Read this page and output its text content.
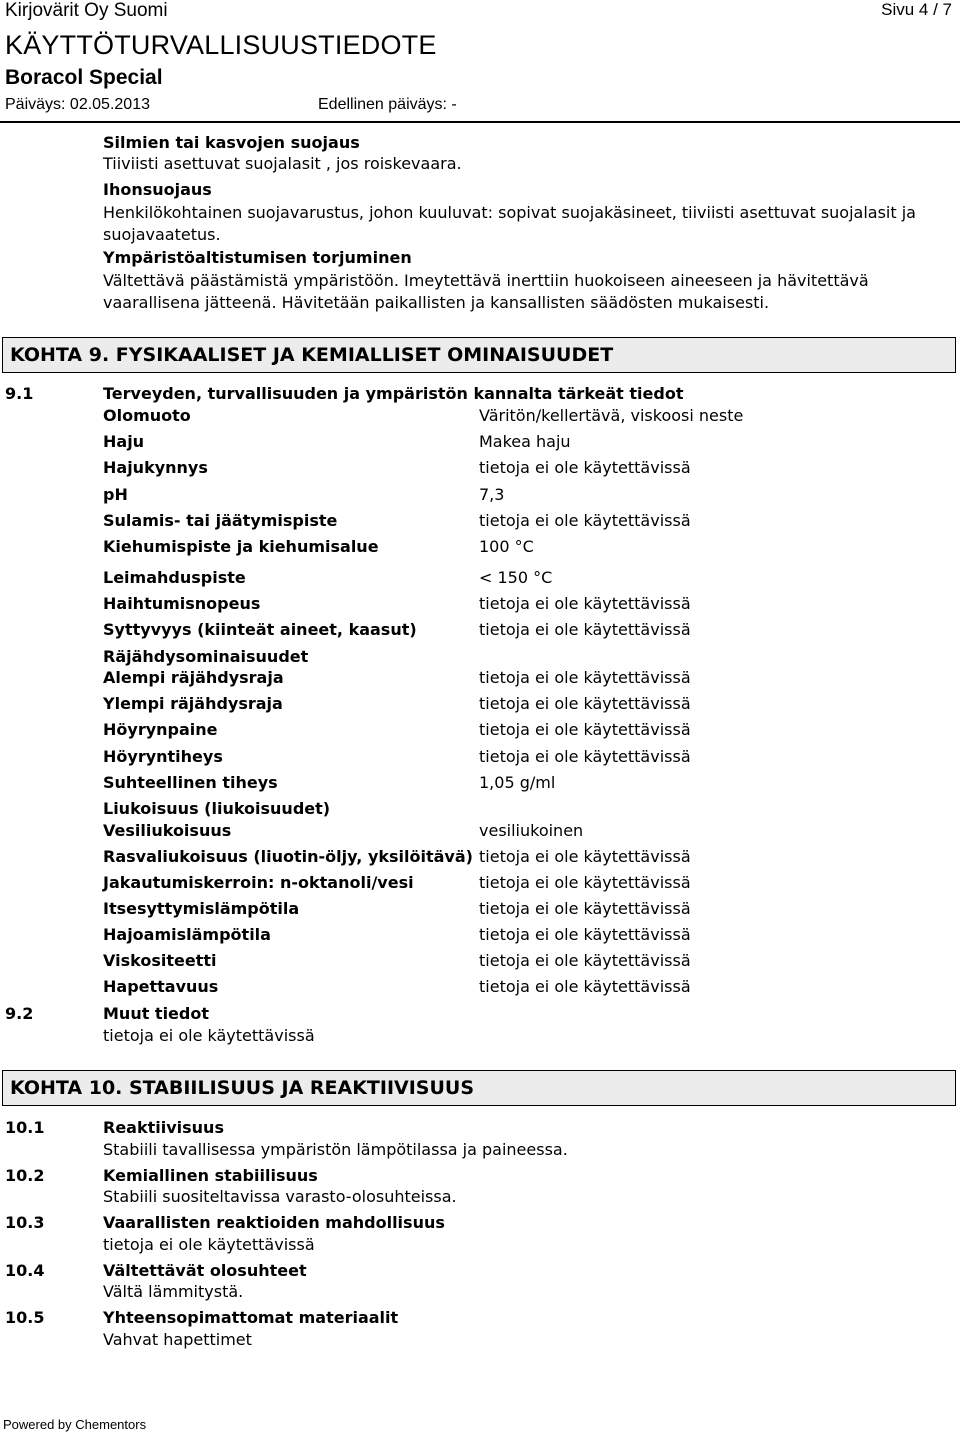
Kirjovärit Oy Suomi	Sivu 4 / 7
KÄYTTÖTURVALLISUUSTIEDOTE
Boracol Special
Päiväys: 02.05.2013	Edellinen päiväys: -
Silmien tai kasvojen suojaus
Tiiviisti asettuvat suojalasit , jos roiskevaara.
Ihonsuojaus
Henkilökohtainen suojavarustus, johon kuuluvat: sopivat suojakäsineet, tiiviisti asettuvat suojalasit ja
suojavaatetus.
Ympäristöaltistumisen torjuminen
Vältettävä päästämistä ympäristöön. Imeytettävä inerttiin huokoiseen aineeseen ja hävitettävä
vaarallisena jätteenä. Hävitetään paikallisten ja kansallisten säädösten mukaisesti.
KOHTA 9. FYSIKAALISET JA KEMIALLISET OMINAISUUDET
9.1	Terveyden, turvallisuuden ja ympäristön kannalta tärkeät tiedot
Olomuoto	Väritön/kellertävä, viskoosi neste
Haju	Makea haju
Hajukynnys	tietoja ei ole käytettävissä
pH	7,3
Sulamis- tai jäätymispiste	tietoja ei ole käytettävissä
Kiehumispiste ja kiehumisalue	100 °C
Leimahduspiste	< 150 °C
Haihtumisnopeus	tietoja ei ole käytettävissä
Syttyvyys (kiinteät aineet, kaasut)	tietoja ei ole käytettävissä
Räjähdysominaisuudet
Alempi räjähdysraja	tietoja ei ole käytettävissä
Ylempi räjähdysraja	tietoja ei ole käytettävissä
Höyrynpaine	tietoja ei ole käytettävissä
Höyryntiheys	tietoja ei ole käytettävissä
Suhteellinen tiheys	1,05 g/ml
Liukoisuus (liukoisuudet)
Vesiliukoisuus	vesiliukoinen
Rasvaliukoisuus (liuotin-öljy, yksilöitävä) tietoja ei ole käytettävissä
Jakautumiskerroin: n-oktanoli/vesi	tietoja ei ole käytettävissä
Itsesyttymislämpötila	tietoja ei ole käytettävissä
Hajoamislämpötila	tietoja ei ole käytettävissä
Viskositeetti	tietoja ei ole käytettävissä
Hapettavuus	tietoja ei ole käytettävissä
9.2	Muut tiedot
tietoja ei ole käytettävissä
KOHTA 10. STABIILISUUS JA REAKTIIVISUUS
10.1	Reaktiivisuus
Stabiili tavallisessa ympäristön lämpötilassa ja paineessa.
10.2	Kemiallinen stabiilisuus
Stabiili suositeltavissa varasto-olosuhteissa.
10.3	Vaarallisten reaktioiden mahdollisuus
tietoja ei ole käytettävissä
10.4	Vältettävät olosuhteet
Vältä lämmitystä.
10.5	Yhteensopimattomat materiaalit
Vahvat hapettimet
Powered by Chementors
